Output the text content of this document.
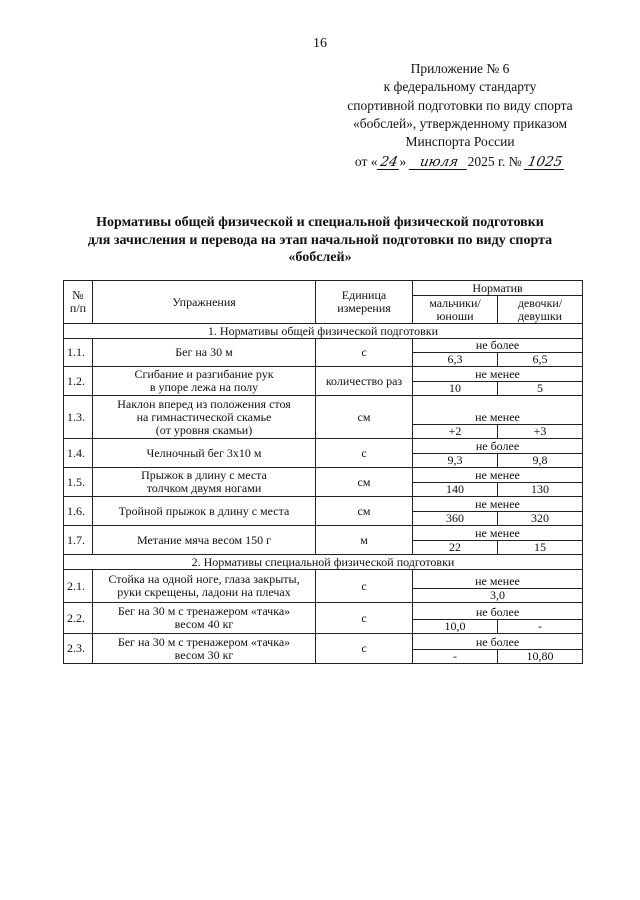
16
Приложение № 6
к федеральному стандарту
спортивной подготовки по виду спорта
«бобслей», утвержденному приказом
Минспорта России
от «24» июля 2025 г. № 1025
Нормативы общей физической и специальной физической подготовки
для зачисления и перевода на этап начальной подготовки по виду спорта
«бобслей»
№ п/п	Упражнения	Единица измерения	Норматив	
			мальчики/ юноши	девочки/ девушки
1. Нормативы общей физической подготовки				
1.1.	Бег на 30 м	с	не более	
			6,3	6,5
1.2.	Сгибание и разгибание рук
в упоре лежа на полу	количество раз	не менее	
			10	5
1.3.	Наклон вперед из положения стоя
на гимнастической скамье
(от уровня скамьи)	см	не менее	
			+2	+3
1.4.	Челночный бег 3х10 м	с	не более	
			9,3	9,8
1.5.	Прыжок в длину с места
толчком двумя ногами	см	не менее	
			140	130
1.6.	Тройной прыжок в длину с места	см	не менее	
			360	320
1.7.	Метание мяча весом 150 г	м	не менее	
			22	15
2. Нормативы специальной физической подготовки				
2.1.	Стойка на одной ноге, глаза закрыты,
руки скрещены, ладони на плечах	с	не менее	
			3,0	
2.2.	Бег на 30 м с тренажером «тачка»
весом 40 кг	с	не более	
			10,0	-
2.3.	Бег на 30 м с тренажером «тачка»
весом 30 кг	с	не более	
			-	10,80
